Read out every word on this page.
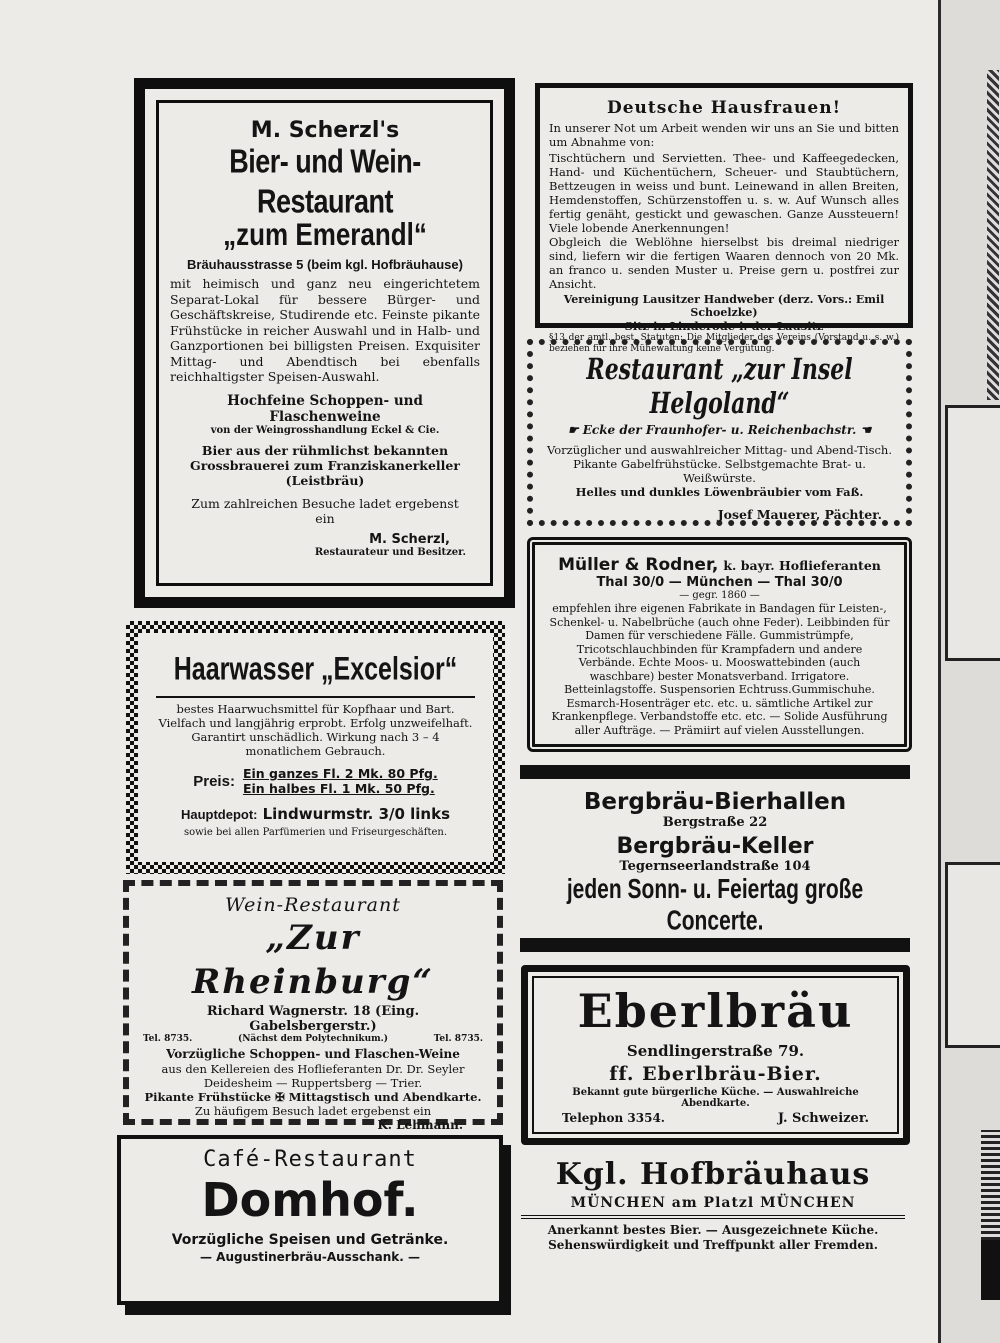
M. Scherzl's
Bier- und Wein-Restaurant
„zum Emerandl“
Bräuhausstrasse 5 (beim kgl. Hofbräuhause)
mit heimisch und ganz neu eingerichtetem Separat-Lokal für bessere Bürger- und Geschäftskreise, Studirende etc. Feinste pikante Frühstücke in reicher Auswahl und in Halb- und Ganzportionen bei billigsten Preisen. Exquisiter Mittag- und Abendtisch bei ebenfalls reichhaltigster Speisen-Auswahl.
Hochfeine Schoppen- und Flaschenweine
von der Weingrosshandlung Eckel & Cie.
Bier aus der rühmlichst bekannten Grossbrauerei zum Franziskanerkeller (Leistbräu)
Zum zahlreichen Besuche ladet ergebenst ein
M. Scherzl,
Restaurateur und Besitzer.
Deutsche Hausfrauen!
In unserer Not um Arbeit wenden wir uns an Sie und bitten um Abnahme von:
Tischtüchern und Servietten. Thee- und Kaffeegedecken, Hand- und Küchentüchern, Scheuer- und Staubtüchern, Bettzeugen in weiss und bunt. Leinewand in allen Breiten, Hemdenstoffen, Schürzenstoffen u. s. w. Auf Wunsch alles fertig genäht, gestickt und gewaschen. Ganze Aussteuern! Viele lobende Anerkennungen!
Obgleich die Weblöhne hierselbst bis dreimal niedriger sind, liefern wir die fertigen Waaren dennoch von 20 Mk. an franco u. senden Muster u. Preise gern u. postfrei zur Ansicht.
Vereinigung Lausitzer Handweber (derz. Vors.: Emil Schoelzke)
Sitz in Linderode i. der Lausitz
§13 der amtl. best. Statuten: Die Mitglieder des Vereins (Vorstand u. s. w.) beziehen für ihre Mühewaltung keine Vergütung.
Restaurant „zur Insel Helgoland“
☛ Ecke der Fraunhofer- u. Reichenbachstr. ☚
Vorzüglicher und auswahlreicher Mittag- und Abend-Tisch.
Pikante Gabelfrühstücke. Selbstgemachte Brat- u. Weißwürste.
Helles und dunkles Löwenbräubier vom Faß.
Josef Mauerer, Pächter.
Müller & Rodner, k. bayr. Hoflieferanten
Thal 30/0 — München — Thal 30/0
— gegr. 1860 —
empfehlen ihre eigenen Fabrikate in Bandagen für Leisten-, Schenkel- u. Nabelbrüche (auch ohne Feder). Leibbinden für Damen für verschiedene Fälle. Gummistrümpfe, Tricotschlauchbinden für Krampfadern und andere Verbände. Echte Moos- u. Mooswattebinden (auch waschbare) bester Monatsverband. Irrigatore. Betteinlagstoffe. Suspensorien Echtruss.Gummischuhe. Esmarch-Hosenträger etc. etc. u. sämtliche Artikel zur Krankenpflege. Verbandstoffe etc. etc. — Solide Ausführung aller Aufträge. — Prämiirt auf vielen Ausstellungen.
Haarwasser „Excelsior“
bestes Haarwuchsmittel für Kopfhaar und Bart. Vielfach und langjährig erprobt. Erfolg unzweifelhaft. Garantirt unschädlich. Wirkung nach 3 – 4 monatlichem Gebrauch.
Preis: Ein ganzes Fl. 2 Mk. 80 Pfg.
Ein halbes Fl. 1 Mk. 50 Pfg.
Hauptdepot: Lindwurmstr. 3/0 links
sowie bei allen Parfümerien und Friseurgeschäften.
Bergbräu-Bierhallen
Bergstraße 22
Bergbräu-Keller
Tegernseerlandstraße 104
jeden Sonn- u. Feiertag große Concerte.
Wein-Restaurant
„Zur Rheinburg“
Richard Wagnerstr. 18 (Eing. Gabelsbergerstr.)
Tel. 8735.	(Nächst dem Polytechnikum.)	Tel. 8735.
Vorzügliche Schoppen- und Flaschen-Weine
aus den Kellereien des Hoflieferanten Dr. Dr. Seyler
Deidesheim — Ruppertsberg — Trier.
Pikante Frühstücke ✠ Mittagstisch und Abendkarte.
Zu häufigem Besuch ladet ergebenst ein
K. Lehmann.
Eberlbräu
Sendlingerstraße 79.
ff. Eberlbräu-Bier.
Bekannt gute bürgerliche Küche. — Auswahlreiche Abendkarte.
Telephon 3354.	J. Schweizer.
Café-Restaurant
Domhof.
Vorzügliche Speisen und Getränke.
— Augustinerbräu-Ausschank. —
Kgl. Hofbräuhaus
MÜNCHEN am Platzl MÜNCHEN
Anerkannt bestes Bier. — Ausgezeichnete Küche.
Sehenswürdigkeit und Treffpunkt aller Fremden.
